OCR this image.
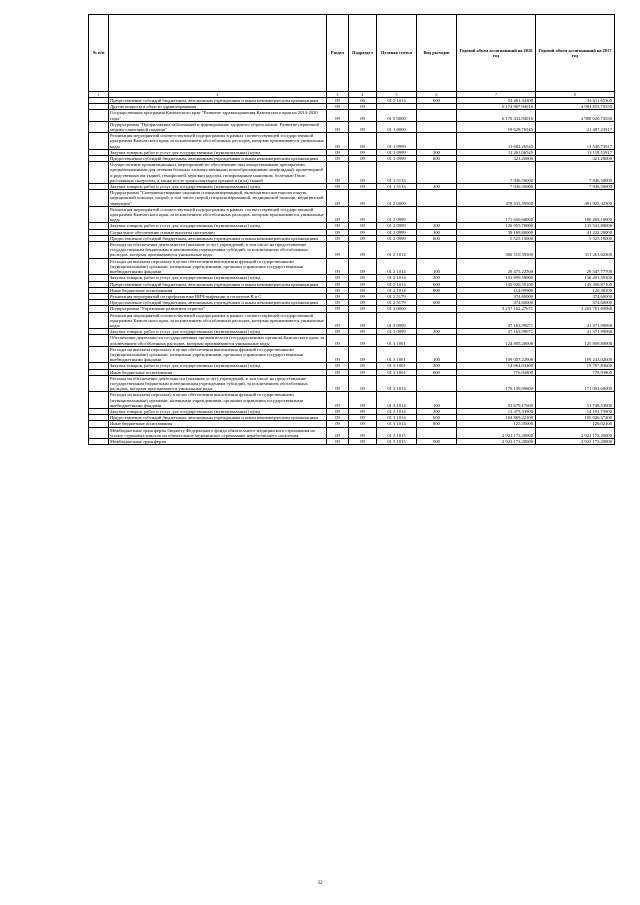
№ п/п		Раздел	Подраздел	Целевая статья	Вид расходов	Годовой объем ассигнований на 2016 год	Годовой объем ассигнований на 2017 год
1	2	3	4	5	6	7	8
	Предоставление субсидий бюджетным, автономным учреждениям и иным некоммерческим организациям	09	06	01 2 1014	600	54 461,34300	54 611,65300
	Другие вопросы в области здравоохранения	09	09			6 174 907,94016	4 984 855,73550
	Государственная программа Камчатского края "Развитие здравоохранения Камчатского края на 2014-2020 годы"	09	09	01 0 0000		6 170 432,94016	4 980 020,73550
	Подпрограмма "Профилактика заболеваний и формирование здорового образа жизни. Развитие первичной медико-санитарной помощи"	09	09	01 1 0000		19 628,76545	21 487,23917
	Реализация мероприятий соответствующей подпрограммы в рамках соответствующей государственной программы Камчатского края, за исключением обособленных расходов, которым присваиваются уникальные коды	09	09	01 1 0999		11 682,26545	13 540,73917
	Закупка товаров, работ и услуг для государственных (муниципальных) нужд	09	09	01 1 0999	200	11 261,06545	13 119,53917
	Предоставление субсидий бюджетным, автономным учреждениям и иным некоммерческим организациям	09	09	01 1 0999	600	421,20000	421,20000
	Осуществление организационных мероприятий по обеспечению лиц лекарственными препаратами, предназначенными для лечения больных злокачественными новообразованиями лимфоидной, кроветворной и родственных им тканей, гемофилией, муковисцидозом, гипофизарным нанизмом, болезнью Гоше, рассеянным склерозом, а также после трансплантации органов и (или) тканей	09	09	01 1 5133		7 946,50000	7 946,50000
	Закупка товаров, работ и услуг для государственных (муниципальных) нужд	09	09	01 1 5133	200	7 946,50000	7 946,50000
	Подпрограмма "Совершенствование оказания специализированной, включая высокотехнологичную, медицинской помощи, скорой, в том числе скорой специализированной, медицинской помощи, медицинской эвакуации"	09	09	01 2 0000		478 535,59500	491 925,32300
	Реализация мероприятий соответствующей подпрограммы в рамках соответствующей государственной программы Камчатского края, за исключением обособленных расходов, которым присваиваются уникальные коды	09	09	01 2 0999		171 650,60000	180 269,10000
	Закупка товаров, работ и услуг для государственных (муниципальных) нужд	09	09	01 2 0999	200	126 955,70000	133 541,80000
	Социальное обеспечение и иные выплаты населению	09	09	01 2 0999	300	39 169,80000	41 222,20000
	Предоставление субсидий бюджетным, автономным учреждениям и иным некоммерческим организациям	09	09	01 2 0999	600	5 525,10000	5 525,10000
	Расходы на обеспечение деятельности (оказание услуг) учреждений, в том числе на предоставление государственным бюджетным и автономным учреждениям субсидий, за исключением обособленных расходов, которым присваиваются уникальные коды	09	09	01 2 1014		306 510,39500	311 261,62300
	Расходы на выплаты персоналу в целях обеспечения выполнения функций государственными (муниципальными) органами, казенными учреждениями, органами управления государственными внебюджетными фондами	09	09	01 2 1014	100	29 475,22500	29 547,77700
	Закупка товаров, работ и услуг для государственных (муниципальных) нужд	09	09	01 2 1014	200	131 899,58000	136 201,59300
	Предоставление субсидий бюджетным, автономным учреждениям и иным некоммерческим организациям	09	09	01 2 1014	600	145 020,59100	145 390,87100
	Иные бюджетные ассигнования	09	09	01 2 1014	800	114,99900	120,38200
	Реализация мероприятий по профилактике ВИЧ-инфекции и гепатитов В и С	09	09	01 2 5179		374,60000	374,60000
	Предоставление субсидий бюджетным, автономным учреждениям и иным некоммерческим организациям	09	09	01 2 5179	600	374,60000	374,60000
	Подпрограмма "Управление развитием отрасли"	09	09	01 3 0000		3 257 162,27671	3 263 781,69068
	Реализация мероприятий соответствующей подпрограммы в рамках соответствующей государственной программы Камчатского края, за исключением обособленных расходов, которым присваиваются уникальные коды	09	09	01 3 0999		37 163,99071	41 371,99068
	Закупка товаров, работ и услуг для государственных (муниципальных) нужд	09	09	01 3 0999	200	37 163,99071	41 371,99068
	Обеспечение деятельности государственных органов власти (государственных органов) Камчатского края, за исключением обособленных расходов, которым присваиваются уникальные коды	09	09	01 3 1001		124 805,20000	125 809,80000
	Расходы на выплаты персоналу в целях обеспечения выполнения функций государственными (муниципальными) органами, казенными учреждениями, органами управления государственными внебюджетными фондами	09	09	01 3 1001	100	109 057,22900	109 243,02600
	Закупка товаров, работ и услуг для государственных (муниципальных) нужд	09	09	01 3 1001	200	14 964,03300	15 787,83600
	Иные бюджетные ассигнования	09	09	01 3 1001	800	776,93800	778,93800
	Расходы на обеспечение деятельности (оказание услуг) учреждений, в том числе на предоставление государственным бюджетным и автономным учреждениям субсидий, за исключением обособленных расходов, которым присваиваются уникальные коды	09	09	01 3 1014		170 149,09600	171 092,69000
	Расходы на выплаты персоналу в целях обеспечения выполнения функций государственными (муниципальными) органами, казенными учреждениями, органами управления государственными внебюджетными фондами	09	09	01 3 1014	100	51 679,17600	51 748,53800
	Закупка товаров, работ и услуг для государственных (муниципальных) нужд	09	09	01 3 1014	200	13 475,33900	14 191,75900
	Предоставление субсидий бюджетным, автономным учреждениям и иным некоммерческим организациям	09	09	01 3 1014	600	104 869,22100	105 026,37200
	Иные бюджетные ассигнования	09	09	01 3 1014	800	125,35000	126,02100
	Межбюджетные трансферты бюджету Федерального фонда обязательного медицинского страхования на уплату страховых взносов на обязательное медицинское страхование неработающего населения	09	09	01 3 1015		2 921 173,20000	2 921 173,20000
	Межбюджетные трансферты	09	09	01 3 1015	500	2 921 173,20000	2 921 173,20000
32
